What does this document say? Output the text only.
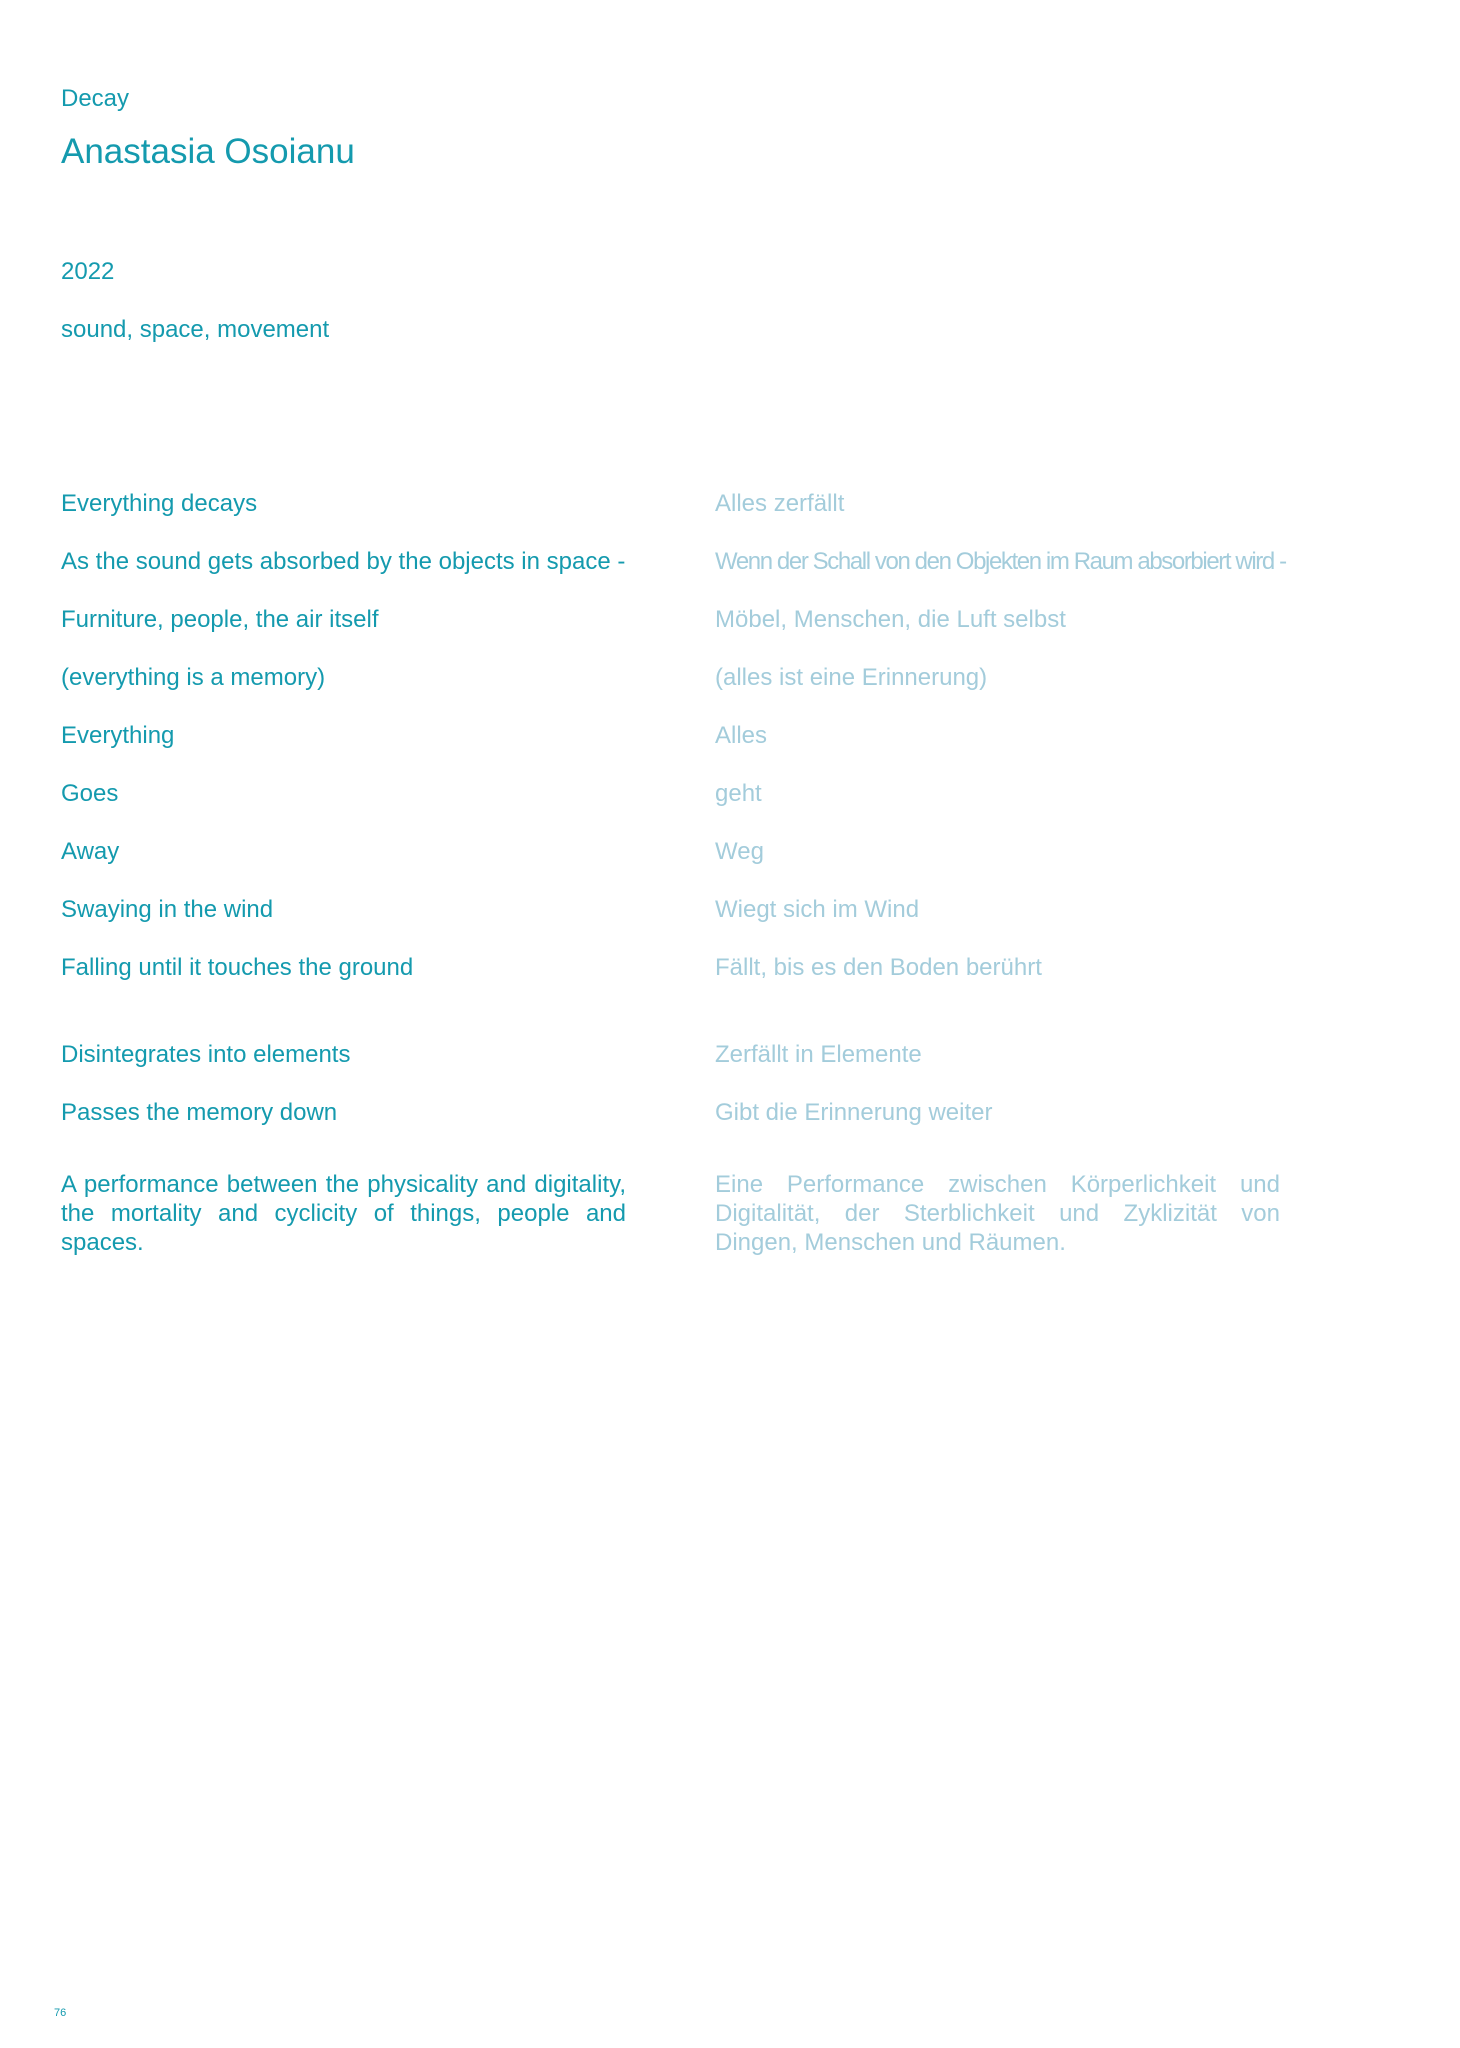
Decay
Anastasia Osoianu
2022
sound, space, movement
Everything decays
As the sound gets absorbed by the objects in space -
Furniture, people, the air itself
(everything is a memory)
Everything
Goes
Away
Swaying in the wind
Falling until it touches the ground
Disintegrates into elements
Passes the memory down

A performance between the physicality and digitality, the mortality and cyclicity of things, people and spaces.

Alles zerfällt
Wenn der Schall von den Objekten im Raum absorbiert wird -
Möbel, Menschen, die Luft selbst
(alles ist eine Erinnerung)
Alles
geht
Weg
Wiegt sich im Wind
Fällt, bis es den Boden berührt
Zerfällt in Elemente
Gibt die Erinnerung weiter

Eine Performance zwischen Körperlichkeit und Digitalität, der Sterblichkeit und Zyklizität von Dingen, Menschen und Räumen.

76
